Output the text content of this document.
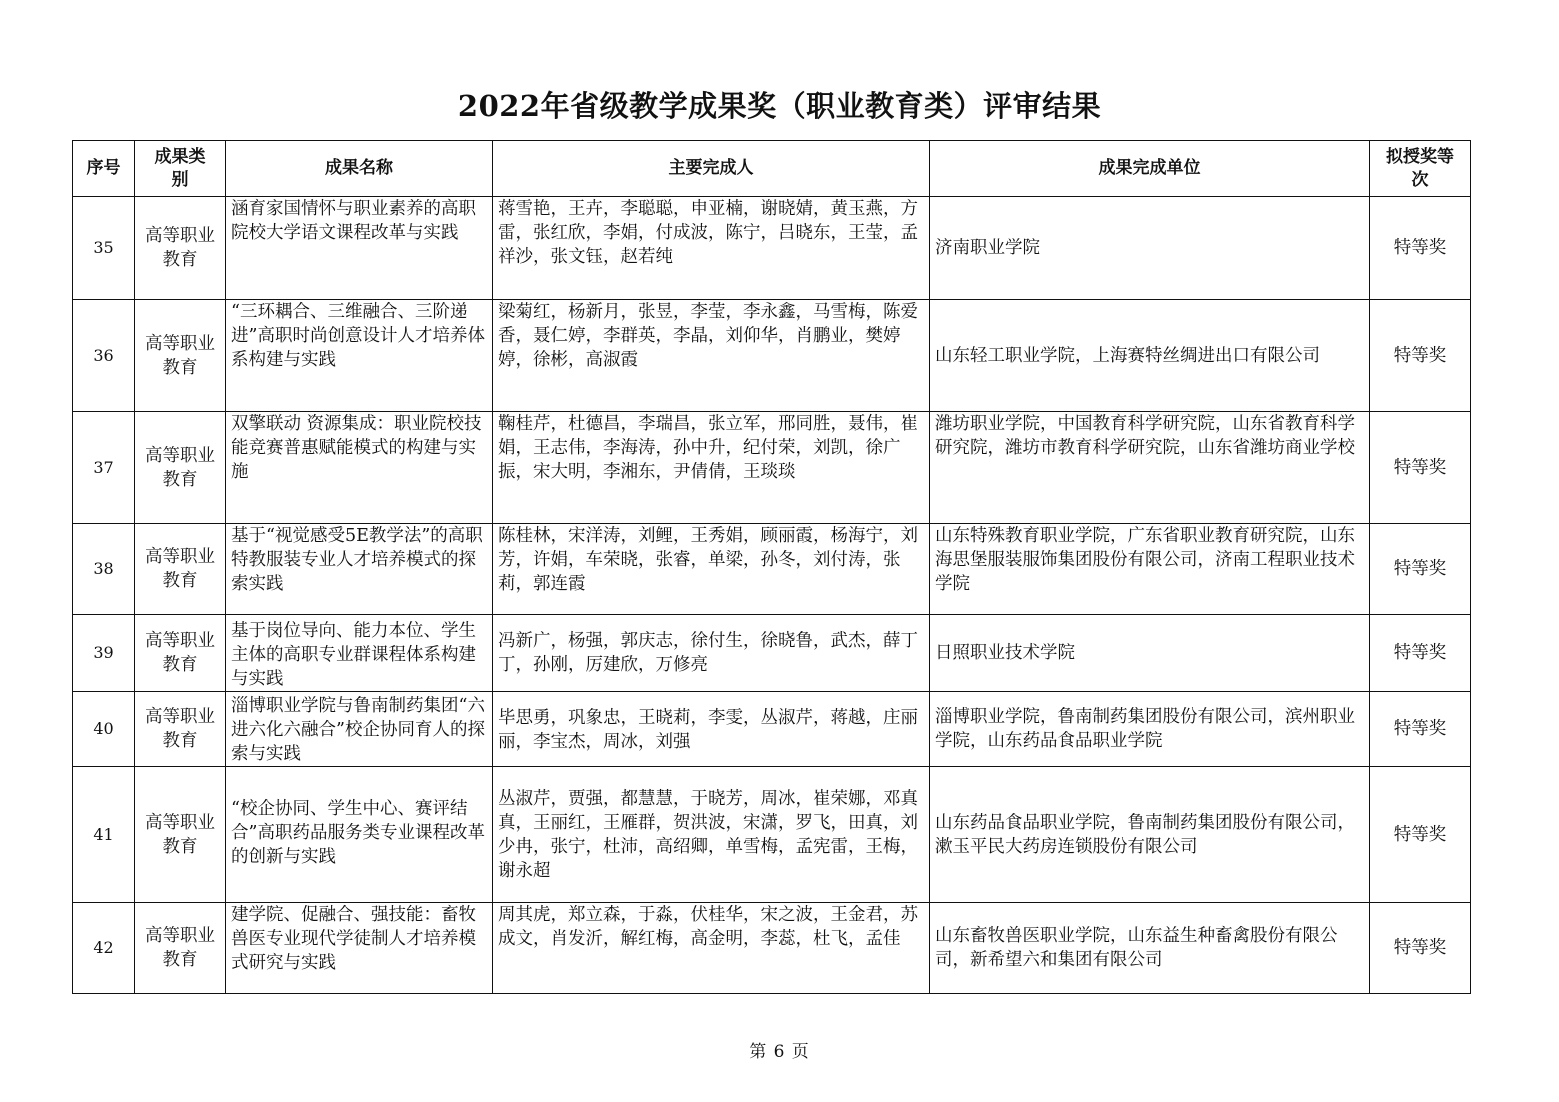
2022年省级教学成果奖（职业教育类）评审结果
序号	成果类别	成果名称	主要完成人	成果完成单位	拟授奖等次
35	高等职业教育	涵育家国情怀与职业素养的高职院校大学语文课程改革与实践	蒋雪艳，王卉，李聪聪，申亚楠，谢晓婧，黄玉燕，方雷，张红欣，李娟，付成波，陈宁，吕晓东，王莹，孟祥沙，张文钰，赵若纯	济南职业学院	特等奖
36	高等职业教育	“三环耦合、三维融合、三阶递进”高职时尚创意设计人才培养体系构建与实践	梁菊红，杨新月，张昱，李莹，李永鑫，马雪梅，陈爱香，聂仁婷，李群英，李晶，刘仰华，肖鹏业，樊婷婷，徐彬，高淑霞	山东轻工职业学院，上海赛特丝绸进出口有限公司	特等奖
37	高等职业教育	双擎联动 资源集成：职业院校技能竞赛普惠赋能模式的构建与实施	鞠桂芹，杜德昌，李瑞昌，张立军，邢同胜，聂伟，崔娟，王志伟，李海涛，孙中升，纪付荣，刘凯，徐广振，宋大明，李湘东，尹倩倩，王琰琰	潍坊职业学院，中国教育科学研究院，山东省教育科学研究院，潍坊市教育科学研究院，山东省潍坊商业学校	特等奖
38	高等职业教育	基于“视觉感受5E教学法”的高职特教服装专业人才培养模式的探索实践	陈桂林，宋洋涛，刘鲤，王秀娟，顾丽霞，杨海宁，刘芳，许娟，车荣晓，张睿，单梁，孙冬，刘付涛，张莉，郭连霞	山东特殊教育职业学院，广东省职业教育研究院，山东海思堡服装服饰集团股份有限公司，济南工程职业技术学院	特等奖
39	高等职业教育	基于岗位导向、能力本位、学生主体的高职专业群课程体系构建与实践	冯新广，杨强，郭庆志，徐付生，徐晓鲁，武杰，薛丁丁，孙刚，厉建欣，万修亮	日照职业技术学院	特等奖
40	高等职业教育	淄博职业学院与鲁南制药集团“六进六化六融合”校企协同育人的探索与实践	毕思勇，巩象忠，王晓莉，李雯，丛淑芹，蒋越，庄丽丽，李宝杰，周冰，刘强	淄博职业学院，鲁南制药集团股份有限公司，滨州职业学院，山东药品食品职业学院	特等奖
41	高等职业教育	“校企协同、学生中心、赛评结合”高职药品服务类专业课程改革的创新与实践	丛淑芹，贾强，都慧慧，于晓芳，周冰，崔荣娜，邓真真，王丽红，王雁群，贺洪波，宋潇，罗飞，田真，刘少冉，张宁，杜沛，高绍卿，单雪梅，孟宪雷，王梅，谢永超	山东药品食品职业学院，鲁南制药集团股份有限公司，漱玉平民大药房连锁股份有限公司	特等奖
42	高等职业教育	建学院、促融合、强技能：畜牧兽医专业现代学徒制人才培养模式研究与实践	周其虎，郑立森，于淼，伏桂华，宋之波，王金君，苏成文，肖发沂，解红梅，高金明，李蕊，杜飞，孟佳	山东畜牧兽医职业学院，山东益生种畜禽股份有限公司，新希望六和集团有限公司	特等奖
第 6 页
